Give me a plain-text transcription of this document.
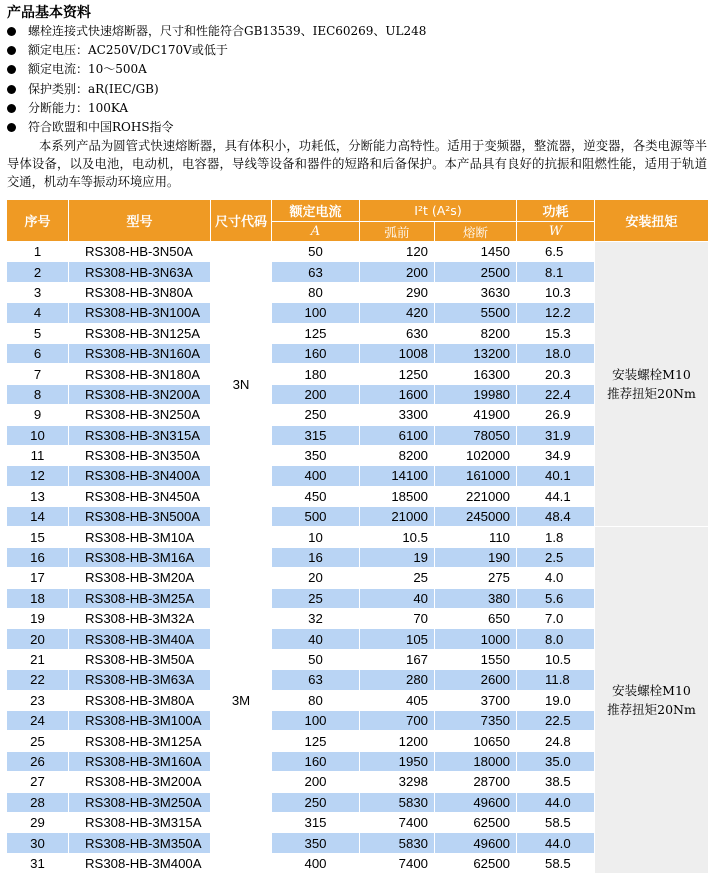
产品基本资料
螺栓连接式快速熔断器，尺寸和性能符合GB13539、IEC60269、UL248
额定电压：AC250V/DC170V或低于
额定电流：10～500A
保护类别：aR(IEC/GB)
分断能力：100KA
符合欧盟和中国ROHS指令
本系列产品为圆管式快速熔断器，具有体积小，功耗低，分断能力高特性。适用于变频器，整流器，逆变器，各类电源等半导体设备，以及电池，电动机，电容器，导线等设备和器件的短路和后备保护。本产品具有良好的抗振和阻燃性能，适用于轨道交通，机动车等振动环境应用。
序号	型号	尺寸代码	额定电流	I²t (A²s)		功耗	安装扭矩
			A	弧前	熔断	W	
1	RS308-HB-3N50A	3N	50	120	1450	6.5	安装螺栓M10
推荐扭矩20Nm

2	RS308-HB-3N63A		63	200	2500	8.1	
3	RS308-HB-3N80A		80	290	3630	10.3	
4	RS308-HB-3N100A		100	420	5500	12.2	
5	RS308-HB-3N125A		125	630	8200	15.3	
6	RS308-HB-3N160A		160	1008	13200	18.0	
7	RS308-HB-3N180A		180	1250	16300	20.3	
8	RS308-HB-3N200A		200	1600	19980	22.4	
9	RS308-HB-3N250A		250	3300	41900	26.9	
10	RS308-HB-3N315A		315	6100	78050	31.9	
11	RS308-HB-3N350A		350	8200	102000	34.9	
12	RS308-HB-3N400A		400	14100	161000	40.1	
13	RS308-HB-3N450A		450	18500	221000	44.1	
14	RS308-HB-3N500A		500	21000	245000	48.4	
15	RS308-HB-3M10A	3M	10	10.5	110	1.8	安装螺栓M10
推荐扭矩20Nm

16	RS308-HB-3M16A		16	19	190	2.5	
17	RS308-HB-3M20A		20	25	275	4.0	
18	RS308-HB-3M25A		25	40	380	5.6	
19	RS308-HB-3M32A		32	70	650	7.0	
20	RS308-HB-3M40A		40	105	1000	8.0	
21	RS308-HB-3M50A		50	167	1550	10.5	
22	RS308-HB-3M63A		63	280	2600	11.8	
23	RS308-HB-3M80A		80	405	3700	19.0	
24	RS308-HB-3M100A		100	700	7350	22.5	
25	RS308-HB-3M125A		125	1200	10650	24.8	
26	RS308-HB-3M160A		160	1950	18000	35.0	
27	RS308-HB-3M200A		200	3298	28700	38.5	
28	RS308-HB-3M250A		250	5830	49600	44.0	
29	RS308-HB-3M315A		315	7400	62500	58.5	
30	RS308-HB-3M350A		350	5830	49600	44.0	
31	RS308-HB-3M400A		400	7400	62500	58.5	
